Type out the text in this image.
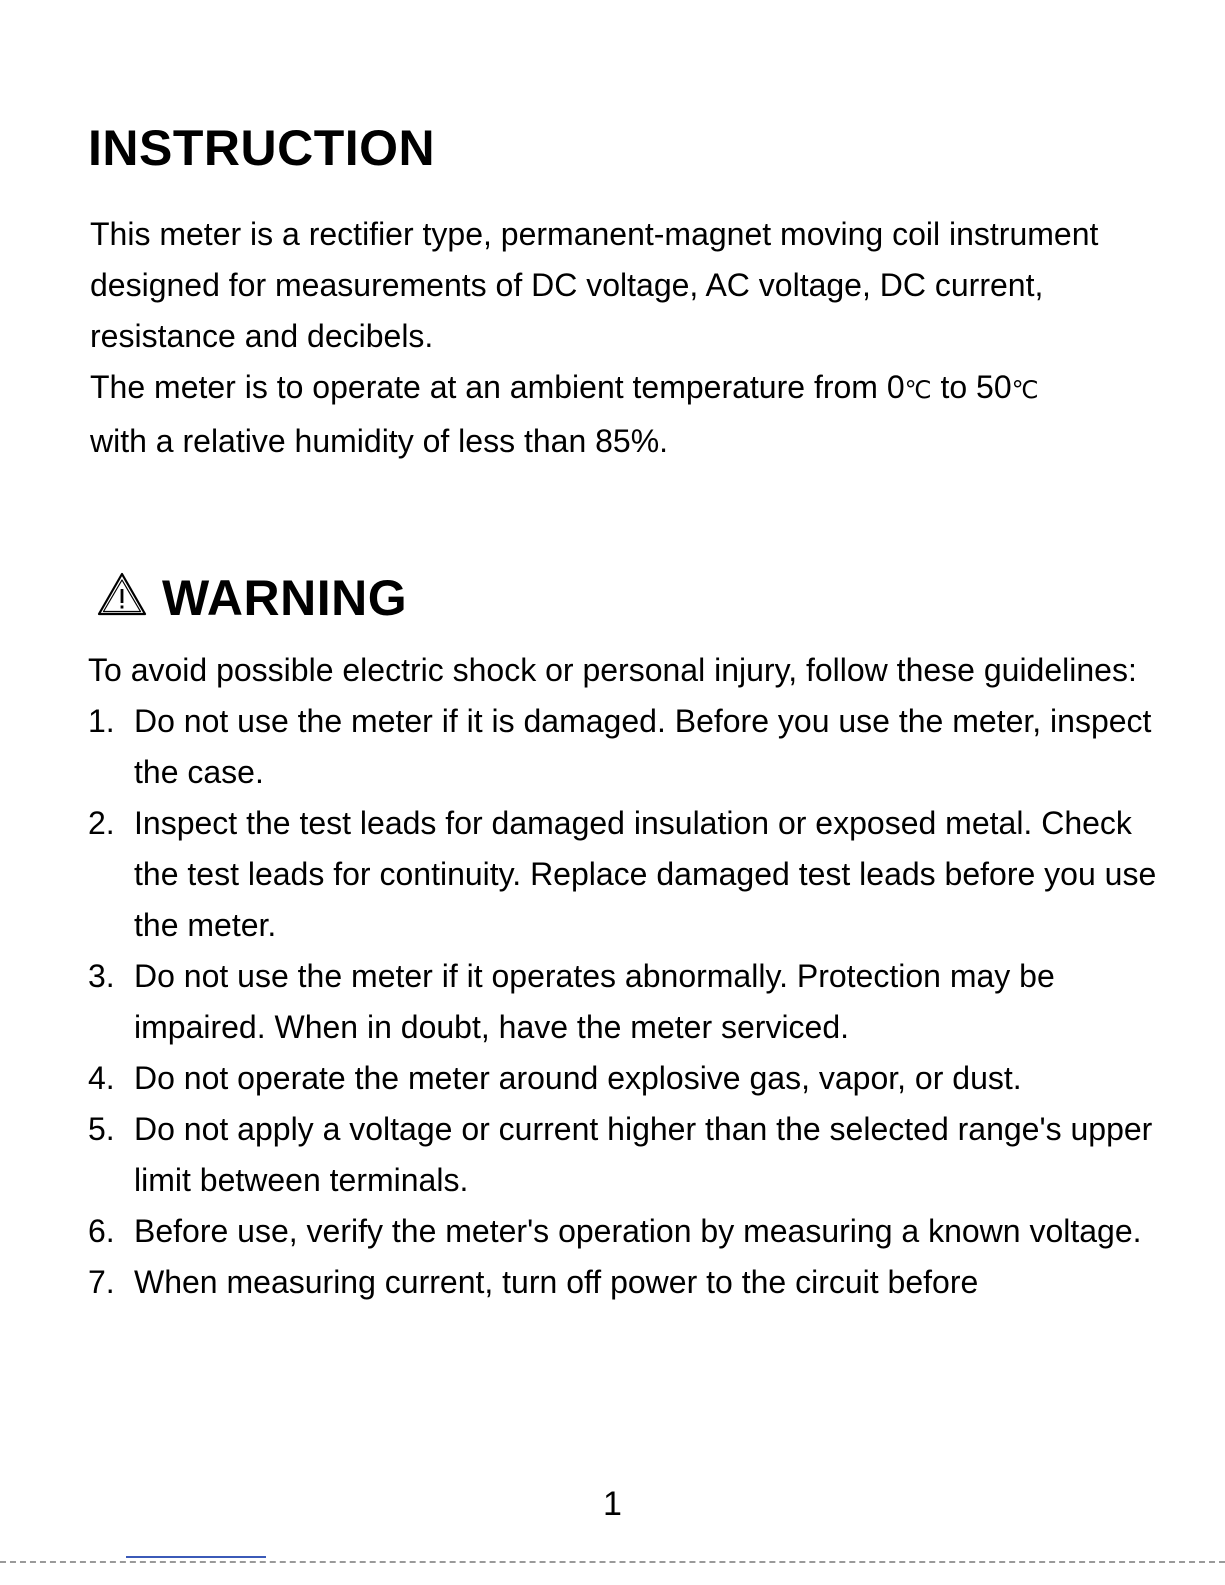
INSTRUCTION

This meter is a rectifier type, permanent-magnet moving coil instrument designed for measurements of DC voltage, AC voltage, DC current, resistance and decibels.

The meter is to operate at an ambient temperature from 0℃ to 50℃
with a relative humidity of less than 85%.

WARNING

To avoid possible electric shock or personal injury, follow these guidelines:

1. Do not use the meter if it is damaged. Before you use the meter, inspect the case.
2. Inspect the test leads for damaged insulation or exposed metal. Check the test leads for continuity. Replace damaged test leads before you use the meter.
3. Do not use the meter if it operates abnormally. Protection may be impaired. When in doubt, have the meter serviced.
4. Do not operate the meter around explosive gas, vapor, or dust.
5. Do not apply a voltage or current higher than the selected range's upper limit between terminals.
6. Before use, verify the meter's operation by measuring a known voltage.
7. When measuring current, turn off power to the circuit before
1
